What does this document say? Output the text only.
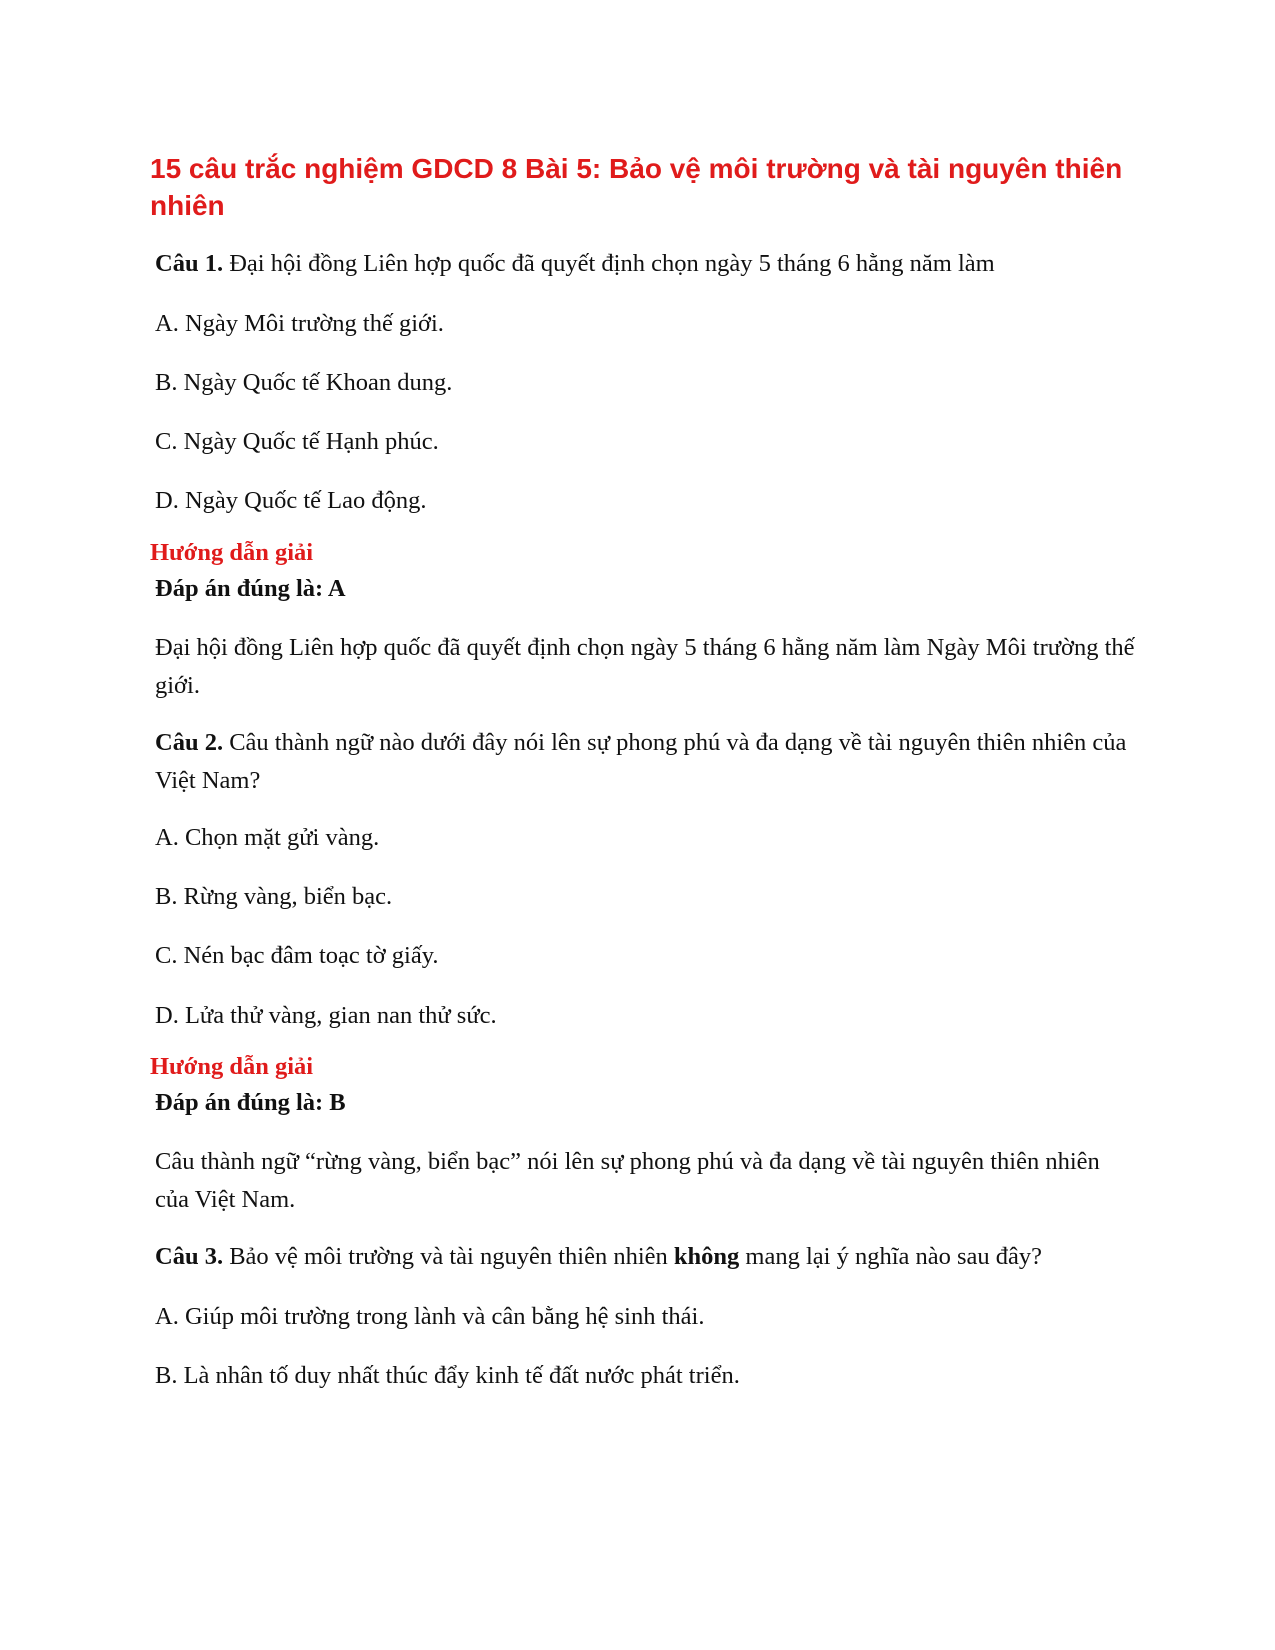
15 câu trắc nghiệm GDCD 8 Bài 5: Bảo vệ môi trường và tài nguyên thiên nhiên

Câu 1. Đại hội đồng Liên hợp quốc đã quyết định chọn ngày 5 tháng 6 hằng năm làm

A. Ngày Môi trường thế giới.

B. Ngày Quốc tế Khoan dung.

C. Ngày Quốc tế Hạnh phúc.

D. Ngày Quốc tế Lao động.

Hướng dẫn giải

Đáp án đúng là: A

Đại hội đồng Liên hợp quốc đã quyết định chọn ngày 5 tháng 6 hằng năm làm Ngày Môi trường thế giới.

Câu 2. Câu thành ngữ nào dưới đây nói lên sự phong phú và đa dạng về tài nguyên thiên nhiên của Việt Nam?

A. Chọn mặt gửi vàng.

B. Rừng vàng, biển bạc.

C. Nén bạc đâm toạc tờ giấy.

D. Lửa thử vàng, gian nan thử sức.

Hướng dẫn giải

Đáp án đúng là: B

Câu thành ngữ “rừng vàng, biển bạc” nói lên sự phong phú và đa dạng về tài nguyên thiên nhiên của Việt Nam.

Câu 3. Bảo vệ môi trường và tài nguyên thiên nhiên không mang lại ý nghĩa nào sau đây?

A. Giúp môi trường trong lành và cân bằng hệ sinh thái.

B. Là nhân tố duy nhất thúc đẩy kinh tế đất nước phát triển.
